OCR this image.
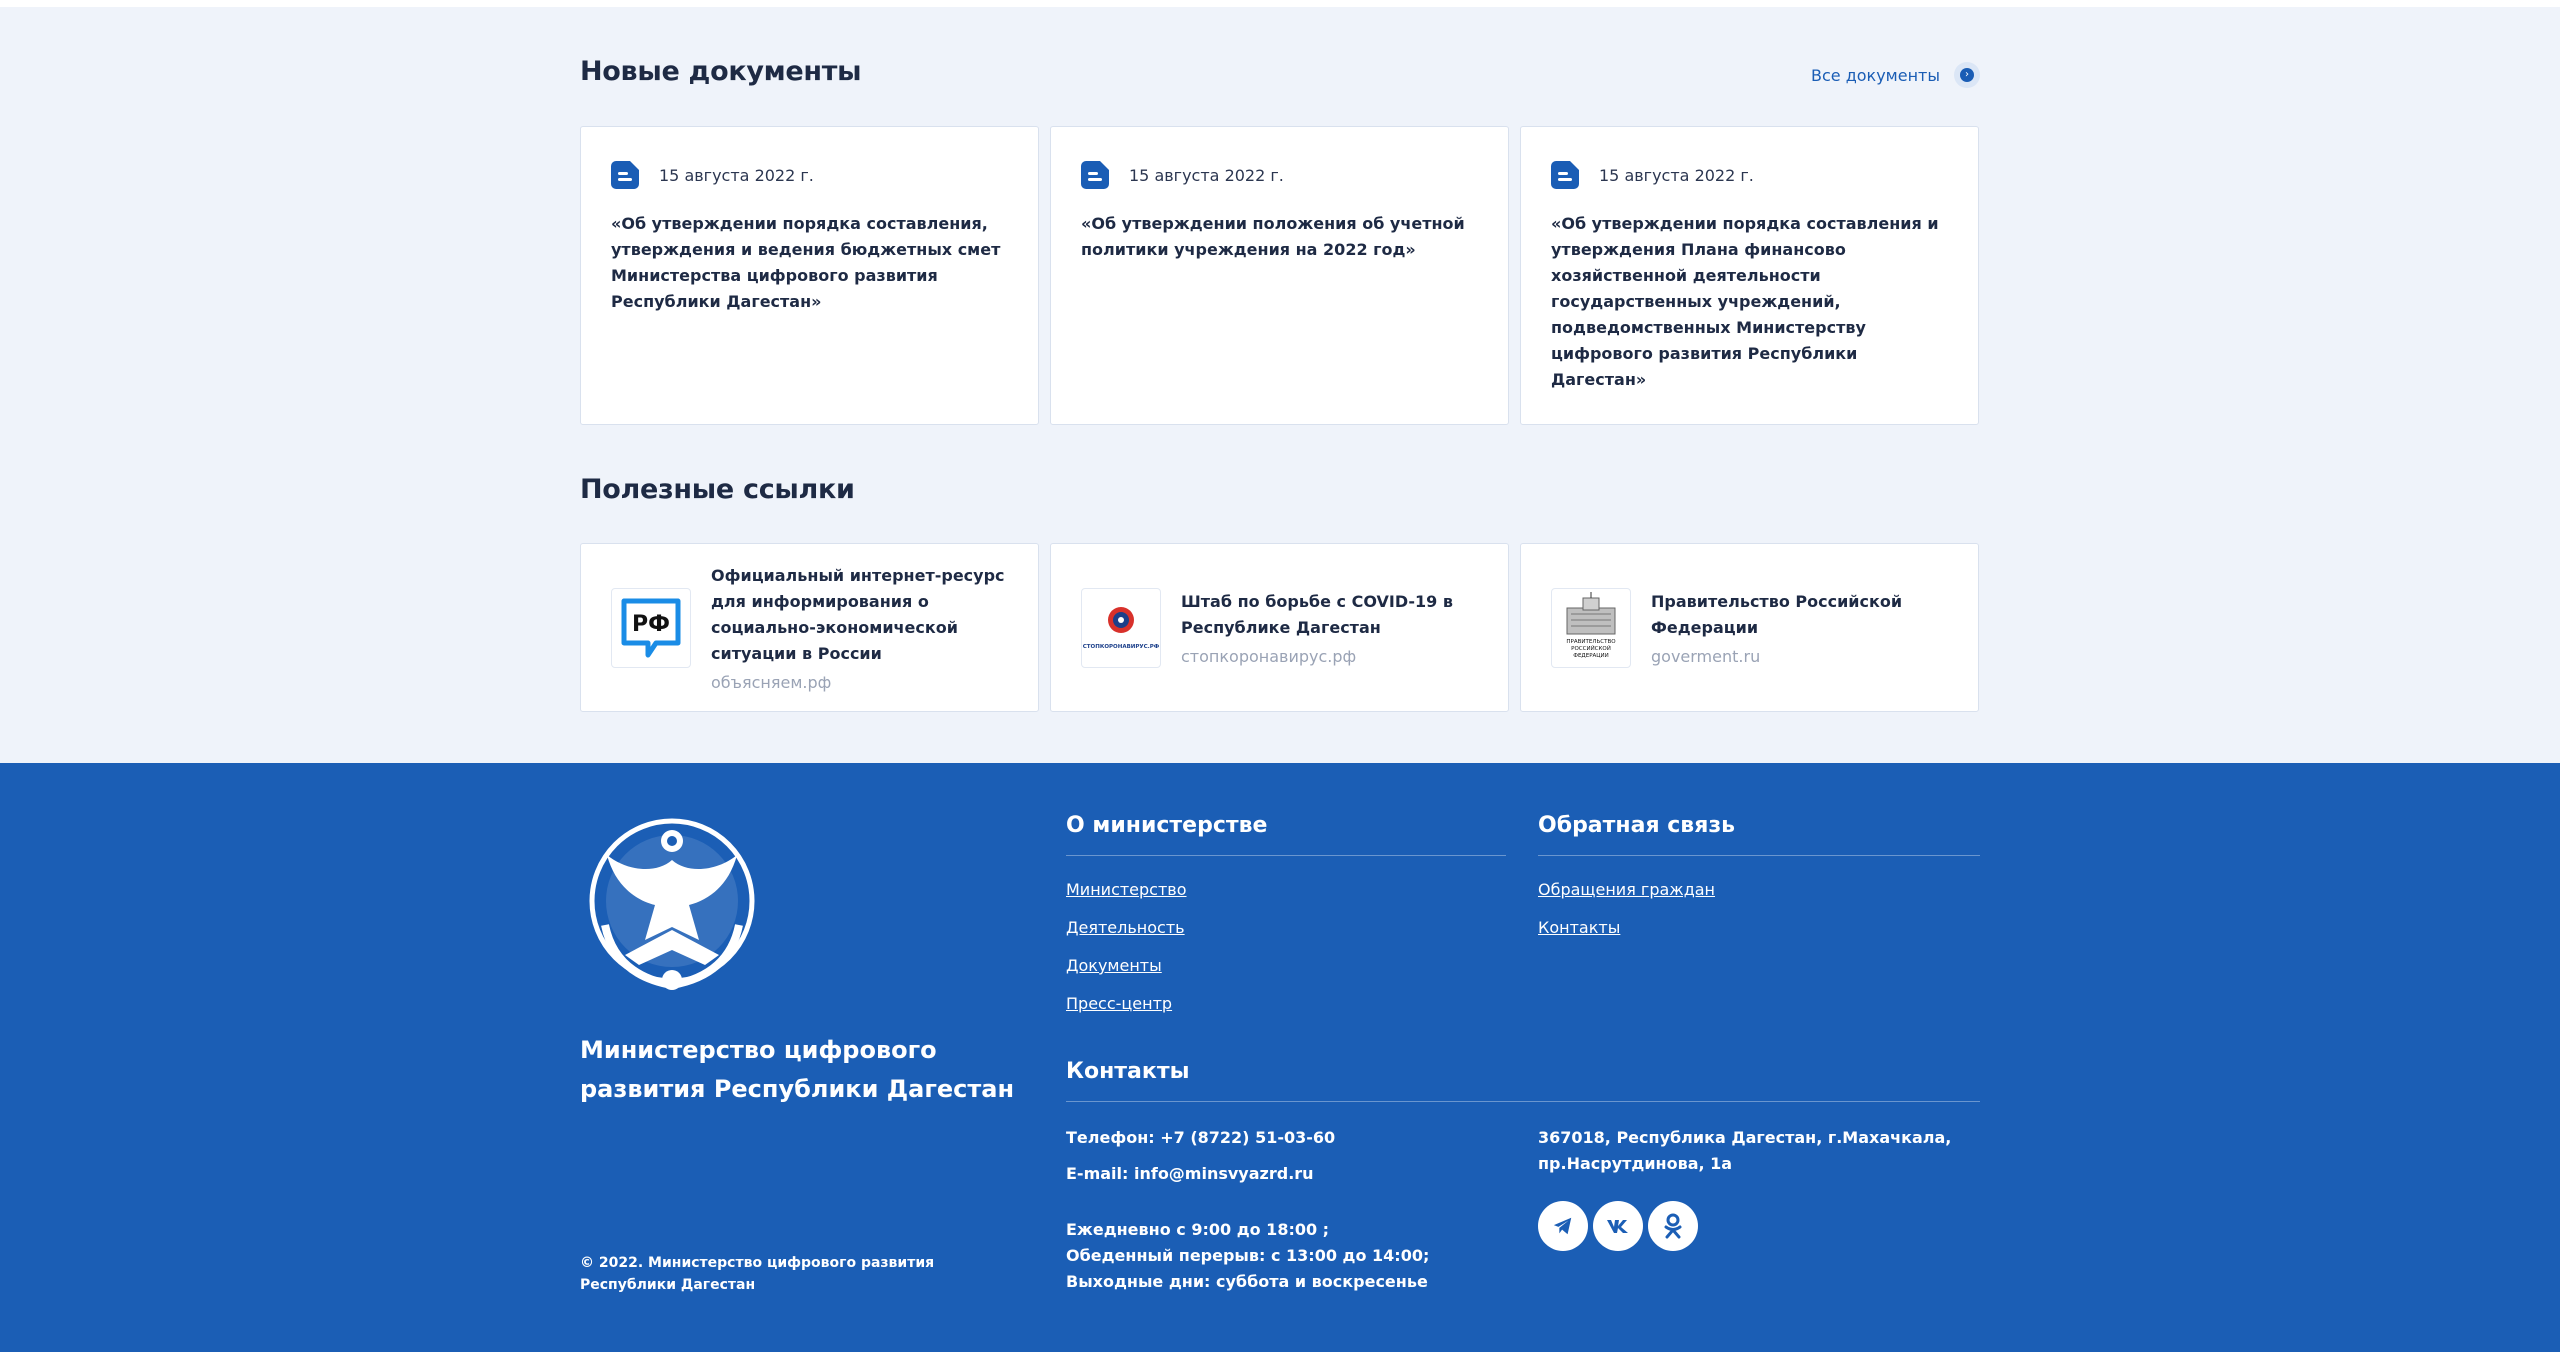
Новые документы	Все документы	›
15 августа 2022 г.
«Об утверждении порядка составления, утверждения и ведения бюджетных смет Министерства цифрового развития Республики Дагестан»
15 августа 2022 г.
«Об утверждении положения об учетной политики учреждения на 2022 год»
15 августа 2022 г.
«Об утверждении порядка составления и утверждения Плана финансово хозяйственной деятельности государственных учреждений, подведомственных Министерству цифрового развития Республики Дагестан»
Полезные ссылки
РФ
Официальный интернет-ресурс для информирования о социально-экономической ситуации в России
объясняем.рф
СТОПКОРОНАВИРУС.РФ
Штаб по борьбе с COVID-19 в Республике Дагестан
стопкоронавирус.рф
ПРАВИТЕЛЬСТВО
РОССИЙСКОЙ
ФЕДЕРАЦИИ
Правительство Российской Федерации
goverment.ru
Министерство цифрового развития Республики Дагестан
© 2022. Министерство цифрового развития Республики Дагестан
О министерстве
Министерство
Деятельность
Документы
Пресс-центр
Обратная связь
Обращения граждан
Контакты
Контакты
Телефон: +7 (8722) 51-03-60
E-mail: info@minsvyazrd.ru
Ежедневно с 9:00 до 18:00 ;
Обеденный перерыв: с 13:00 до 14:00;
Выходные дни: суббота и воскресенье
367018, Республика Дагестан, г.Махачкала,
пр.Насрутдинова, 1а
